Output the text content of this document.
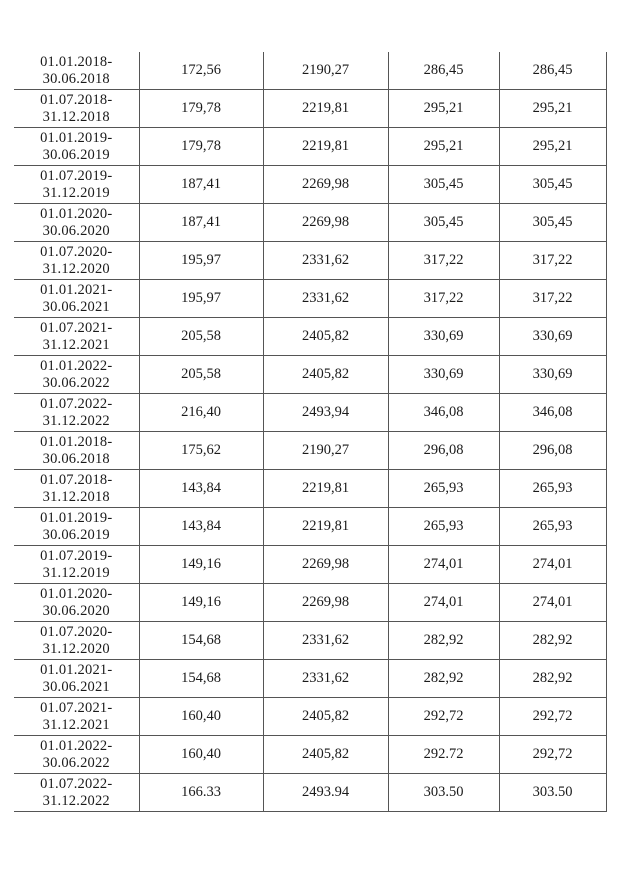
01.01.2018-
30.06.2018	172,56	2190,27	286,45	286,45

01.07.2018-
31.12.2018	179,78	2219,81	295,21	295,21

01.01.2019-
30.06.2019	179,78	2219,81	295,21	295,21

01.07.2019-
31.12.2019	187,41	2269,98	305,45	305,45

01.01.2020-
30.06.2020	187,41	2269,98	305,45	305,45

01.07.2020-
31.12.2020	195,97	2331,62	317,22	317,22

01.01.2021-
30.06.2021	195,97	2331,62	317,22	317,22

01.07.2021-
31.12.2021	205,58	2405,82	330,69	330,69

01.01.2022-
30.06.2022	205,58	2405,82	330,69	330,69

01.07.2022-
31.12.2022	216,40	2493,94	346,08	346,08

01.01.2018-
30.06.2018	175,62	2190,27	296,08	296,08

01.07.2018-
31.12.2018	143,84	2219,81	265,93	265,93

01.01.2019-
30.06.2019	143,84	2219,81	265,93	265,93

01.07.2019-
31.12.2019	149,16	2269,98	274,01	274,01

01.01.2020-
30.06.2020	149,16	2269,98	274,01	274,01

01.07.2020-
31.12.2020	154,68	2331,62	282,92	282,92

01.01.2021-
30.06.2021	154,68	2331,62	282,92	282,92

01.07.2021-
31.12.2021	160,40	2405,82	292,72	292,72

01.01.2022-
30.06.2022	160,40	2405,82	292.72	292,72

01.07.2022-
31.12.2022	166.33	2493.94	303.50	303.50
